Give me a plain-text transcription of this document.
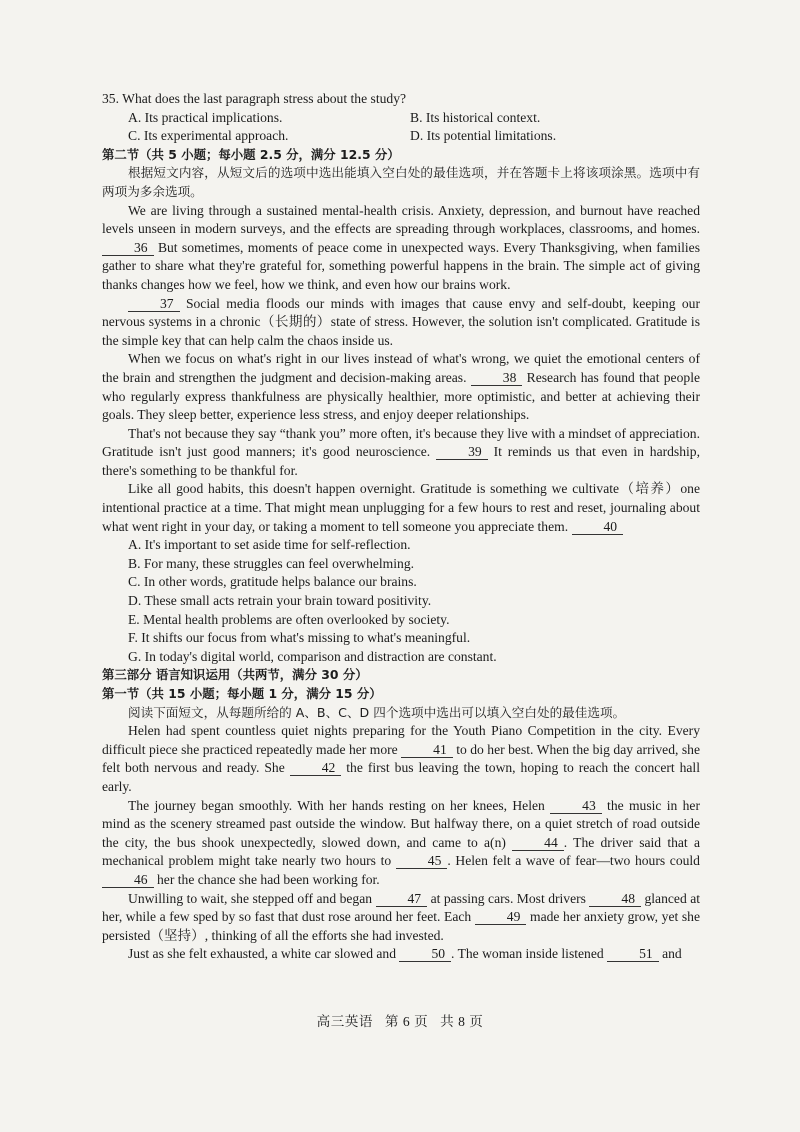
35. What does the last paragraph stress about the study?

A. Its practical implications.	B. Its historical context.
C. Its experimental approach.	D. Its potential limitations.

第二节（共 5 小题；每小题 2.5 分，满分 12.5 分）

根据短文内容，从短文后的选项中选出能填入空白处的最佳选项，并在答题卡上将该项涂黑。选项中有两项为多余选项。

We are living through a sustained mental-health crisis. Anxiety, depression, and burnout have reached levels unseen in modern surveys, and the effects are spreading through workplaces, classrooms, and homes. 36 But sometimes, moments of peace come in unexpected ways. Every Thanksgiving, when families gather to share what they're grateful for, something powerful happens in the brain. The simple act of giving thanks changes how we feel, how we think, and even how our brains work.

37 Social media floods our minds with images that cause envy and self-doubt, keeping our nervous systems in a chronic（长期的）state of stress. However, the solution isn't complicated. Gratitude is the simple key that can help calm the chaos inside us.

When we focus on what's right in our lives instead of what's wrong, we quiet the emotional centers of the brain and strengthen the judgment and decision-making areas.	38 Research has found that people who regularly express thankfulness are physically healthier, more optimistic, and better at achieving their goals. They sleep better, experience less stress, and enjoy deeper relationships.

That's not because they say “thank you” more often, it's because they live with a mindset of appreciation. Gratitude isn't just good manners; it's good neuroscience.	39 It reminds us that even in hardship, there's something to be thankful for.

Like all good habits, this doesn't happen overnight. Gratitude is something we cultivate（培养）one intentional practice at a time. That might mean unplugging for a few hours to rest and reset, journaling about what went right in your day, or taking a moment to tell someone you appreciate them.	40

A. It's important to set aside time for self-reflection.
B. For many, these struggles can feel overwhelming.
C. In other words, gratitude helps balance our brains.
D. These small acts retrain your brain toward positivity.
E. Mental health problems are often overlooked by society.
F. It shifts our focus from what's missing to what's meaningful.
G. In today's digital world, comparison and distraction are constant.

第三部分 语言知识运用（共两节，满分 30 分）

第一节（共 15 小题；每小题 1 分，满分 15 分）

阅读下面短文，从每题所给的 A、B、C、D 四个选项中选出可以填入空白处的最佳选项。

Helen had spent countless quiet nights preparing for the Youth Piano Competition in the city. Every difficult piece she practiced repeatedly made her more	41 to do her best. When the big day arrived, she felt both nervous and ready. She	42 the first bus leaving the town, hoping to reach the concert hall early.

The journey began smoothly. With her hands resting on her knees, Helen	43 the music in her mind as the scenery streamed past outside the window. But halfway there, on a quiet stretch of road outside the city, the bus shook unexpectedly, slowed down, and came to a(n)	44 . The driver said that a mechanical problem might take nearly two hours to	45 . Helen felt a wave of fear—two hours could 46 her the chance she had been working for.

Unwilling to wait, she stepped off and began	47 at passing cars. Most drivers	48 glanced at her, while a few sped by so fast that dust rose around her feet. Each	49 made her anxiety grow, yet she persisted（坚持）, thinking of all the efforts she had invested.

Just as she felt exhausted, a white car slowed and	50 . The woman inside listened	51 and

高三英语 第 6 页 共 8 页
